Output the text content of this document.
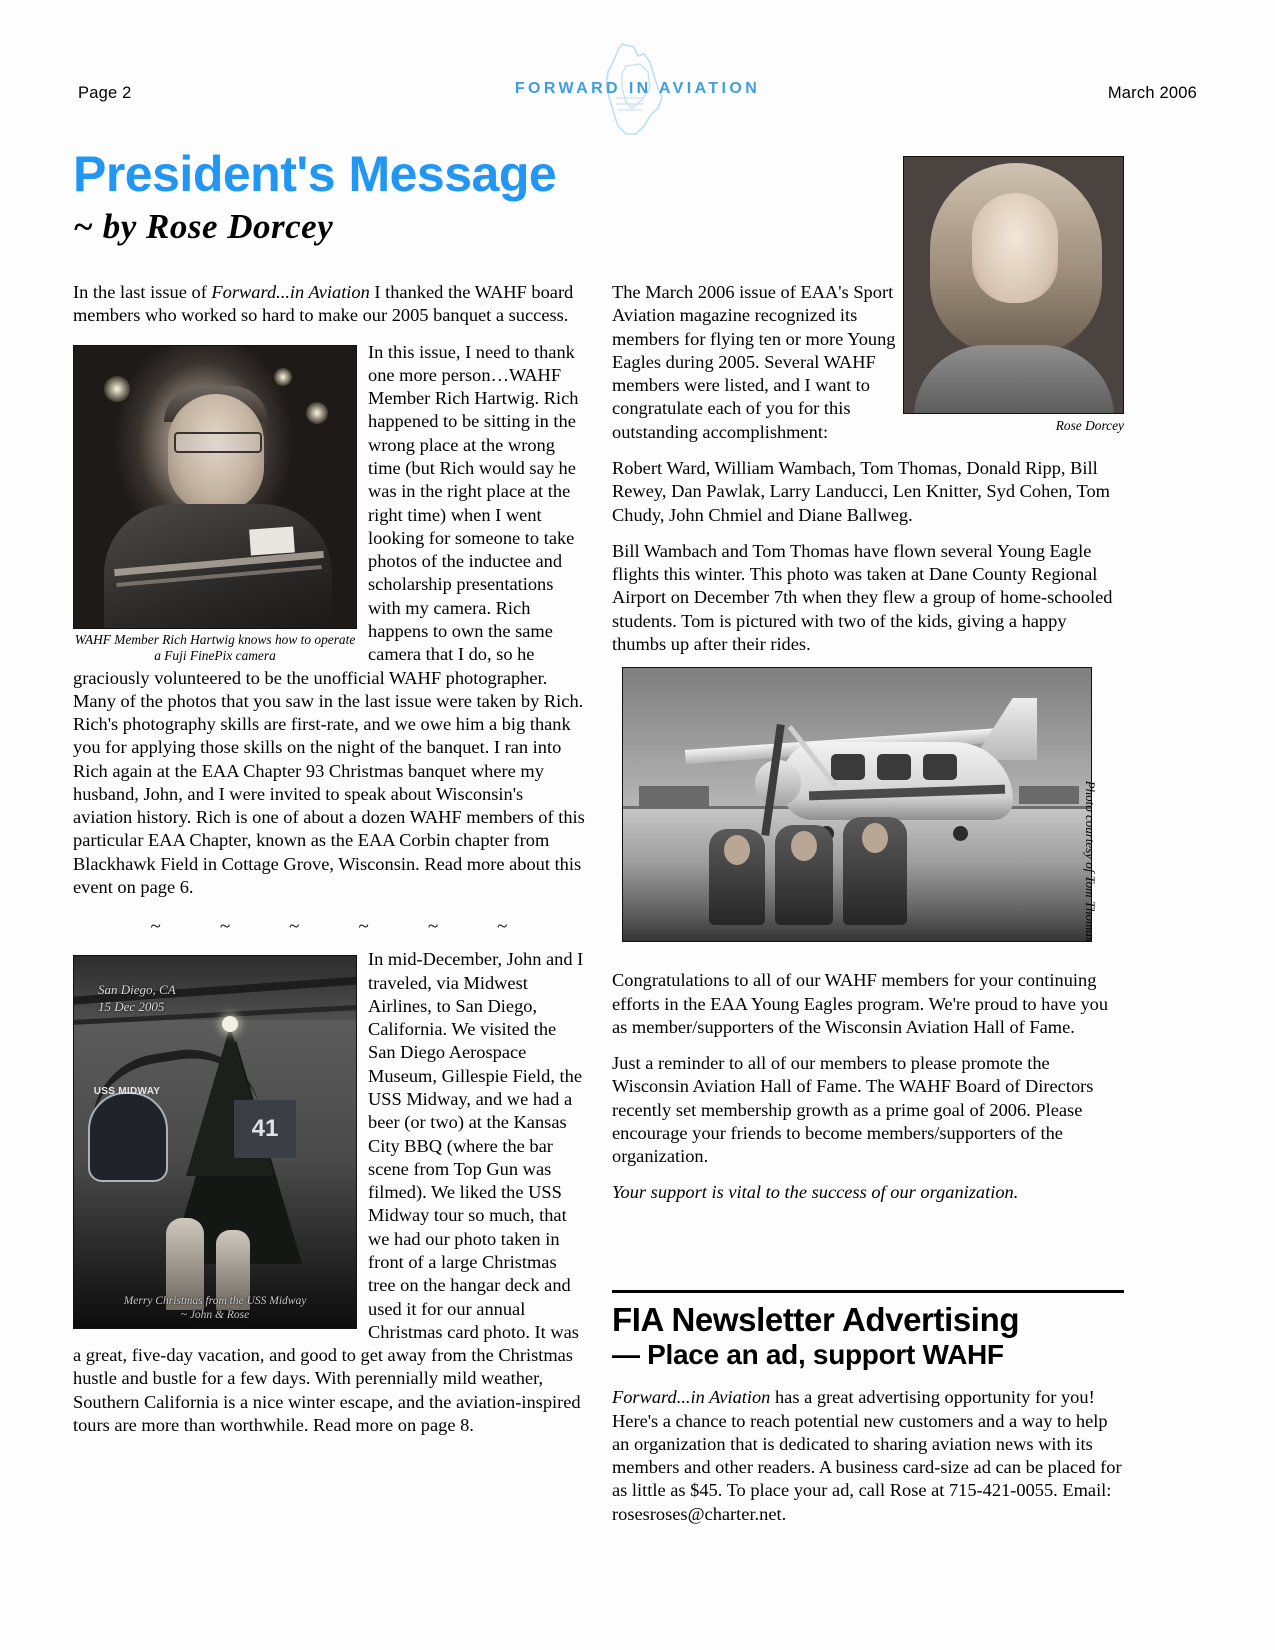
Page 2	March 2006
FORWARD IN AVIATION
President's Message
~ by Rose Dorcey
Rose Dorcey

In the last issue of Forward...in Aviation I thanked the WAHF board members who worked so hard to make our 2005 banquet a success.

WAHF Member Rich Hartwig knows how to operate a Fuji FinePix camera

In this issue, I need to thank one more person…WAHF Member Rich Hartwig. Rich happened to be sitting in the wrong place at the wrong time (but Rich would say he was in the right place at the right time) when I went looking for someone to take photos of the inductee and scholarship presentations with my camera. Rich happens to own the same camera that I do, so he graciously volunteered to be the unofficial WAHF photographer. Many of the photos that you saw in the last issue were taken by Rich. Rich's photography skills are first-rate, and we owe him a big thank you for applying those skills on the night of the banquet. I ran into Rich again at the EAA Chapter 93 Christmas banquet where my husband, John, and I were invited to speak about Wisconsin's aviation history. Rich is one of about a dozen WAHF members of this particular EAA Chapter, known as the EAA Corbin chapter from Blackhawk Field in Cottage Grove, Wisconsin. Read more about this event on page 6.

~	~	~	~	~	~
San Diego, CA
15 Dec 2005
USS MIDWAY
41
Merry Christmas from the USS Midway
~ John & Rose

In mid-December, John and I traveled, via Midwest Airlines, to San Diego, California. We visited the San Diego Aerospace Museum, Gillespie Field, the USS Midway, and we had a beer (or two) at the Kansas City BBQ (where the bar scene from Top Gun was filmed). We liked the USS Midway tour so much, that we had our photo taken in front of a large Christmas tree on the hangar deck and used it for our annual Christmas card photo. It was a great, five-day vacation, and good to get away from the Christmas hustle and bustle for a few days. With perennially mild weather, Southern California is a nice winter escape, and the aviation-inspired tours are more than worthwhile. Read more on page 8.

The March 2006 issue of EAA's Sport Aviation magazine recognized its members for flying ten or more Young Eagles during 2005. Several WAHF members were listed, and I want to congratulate each of you for this outstanding accomplishment:

Robert Ward, William Wambach, Tom Thomas, Donald Ripp, Bill Rewey, Dan Pawlak, Larry Landucci, Len Knitter, Syd Cohen, Tom Chudy, John Chmiel and Diane Ballweg.

Bill Wambach and Tom Thomas have flown several Young Eagle flights this winter. This photo was taken at Dane County Regional Airport on December 7th when they flew a group of home-schooled students. Tom is pictured with two of the kids, giving a happy thumbs up after their rides.

Congratulations to all of our WAHF members for your continuing efforts in the EAA Young Eagles program. We're proud to have you as member/supporters of the Wisconsin Aviation Hall of Fame.

Just a reminder to all of our members to please promote the Wisconsin Aviation Hall of Fame. The WAHF Board of Directors recently set membership growth as a prime goal of 2006. Please encourage your friends to become members/supporters of the organization.

Your support is vital to the success of our organization.

Photo courtesy of Tom Thomas
FIA Newsletter Advertising
— Place an ad, support WAHF
Forward...in Aviation has a great advertising opportunity for you! Here's a chance to reach potential new customers and a way to help an organization that is dedicated to sharing aviation news with its members and other readers. A business card-size ad can be placed for as little as $45. To place your ad, call Rose at 715-421-0055. Email: rosesroses@charter.net.
